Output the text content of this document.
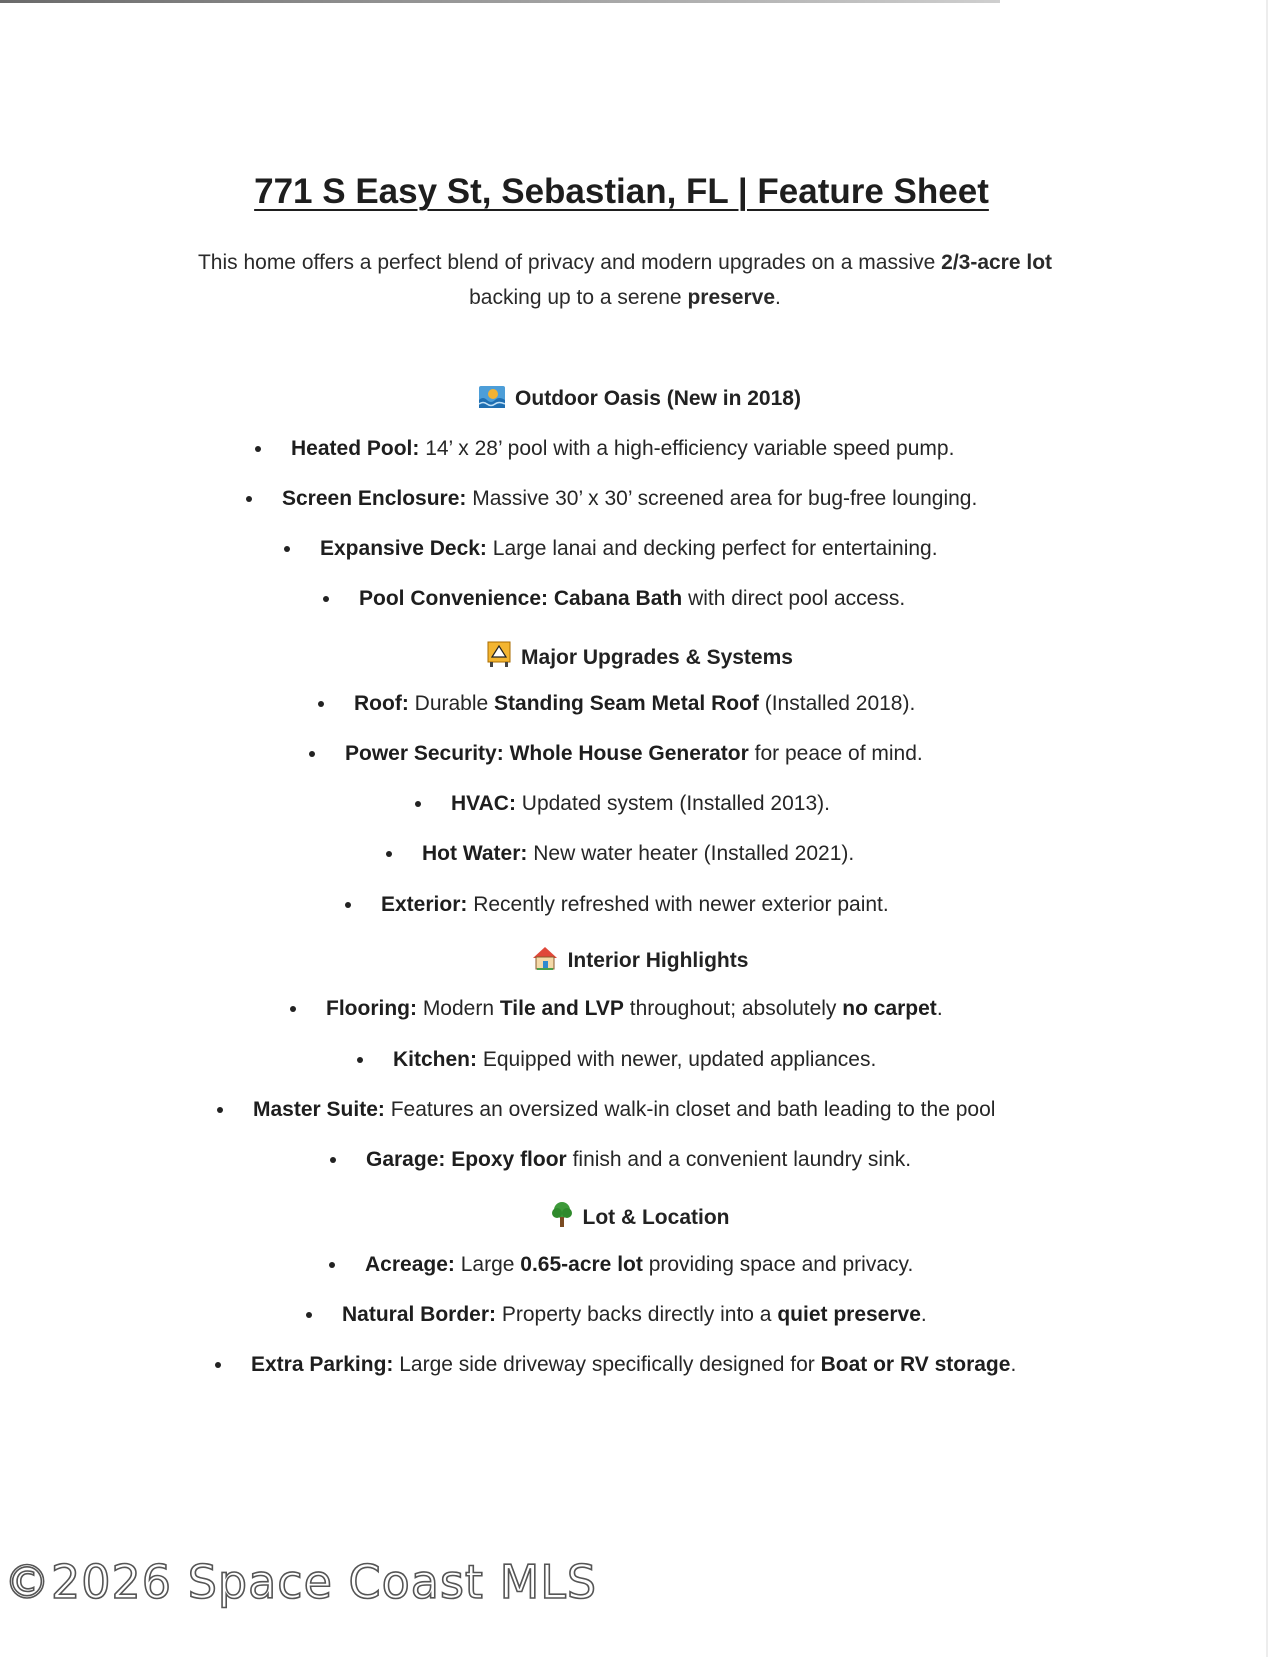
771 S Easy St, Sebastian, FL | Feature Sheet
This home offers a perfect blend of privacy and modern upgrades on a massive 2/3-acre lot backing up to a serene preserve.
Outdoor Oasis (New in 2018)
Heated Pool: 14’ x 28’ pool with a high-efficiency variable speed pump.
Screen Enclosure: Massive 30’ x 30’ screened area for bug-free lounging.
Expansive Deck: Large lanai and decking perfect for entertaining.
Pool Convenience: Cabana Bath with direct pool access.
Major Upgrades & Systems
Roof: Durable Standing Seam Metal Roof (Installed 2018).
Power Security: Whole House Generator for peace of mind.
HVAC: Updated system (Installed 2013).
Hot Water: New water heater (Installed 2021).
Exterior: Recently refreshed with newer exterior paint.
Interior Highlights
Flooring: Modern Tile and LVP throughout; absolutely no carpet.
Kitchen: Equipped with newer, updated appliances.
Master Suite: Features an oversized walk-in closet and bath leading to the pool
Garage: Epoxy floor finish and a convenient laundry sink.
Lot & Location
Acreage: Large 0.65-acre lot providing space and privacy.
Natural Border: Property backs directly into a quiet preserve.
Extra Parking: Large side driveway specifically designed for Boat or RV storage.
©2026 Space Coast MLS
